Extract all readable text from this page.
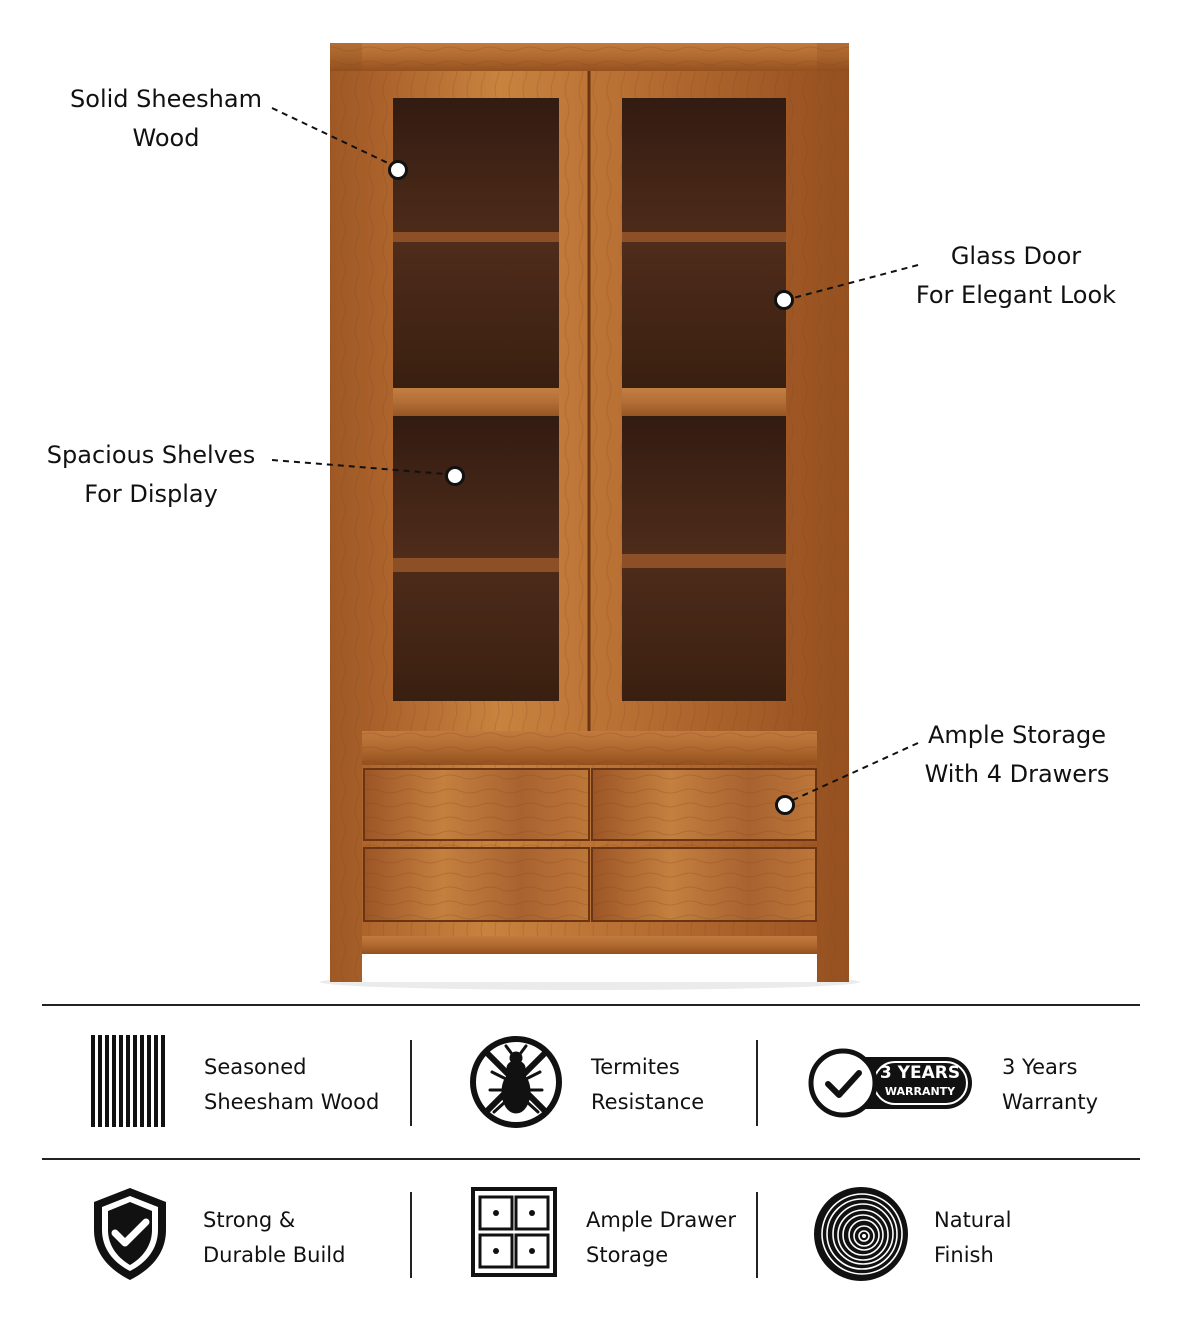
Solid Sheesham
Wood
Glass Door
For Elegant Look
Spacious Shelves
For Display
Ample Storage
With 4 Drawers
Seasoned
Sheesham Wood
Termites
Resistance
3 YEARS
WARRANTY
3 Years
Warranty
Strong &
Durable Build
Ample Drawer
Storage
Natural
Finish
